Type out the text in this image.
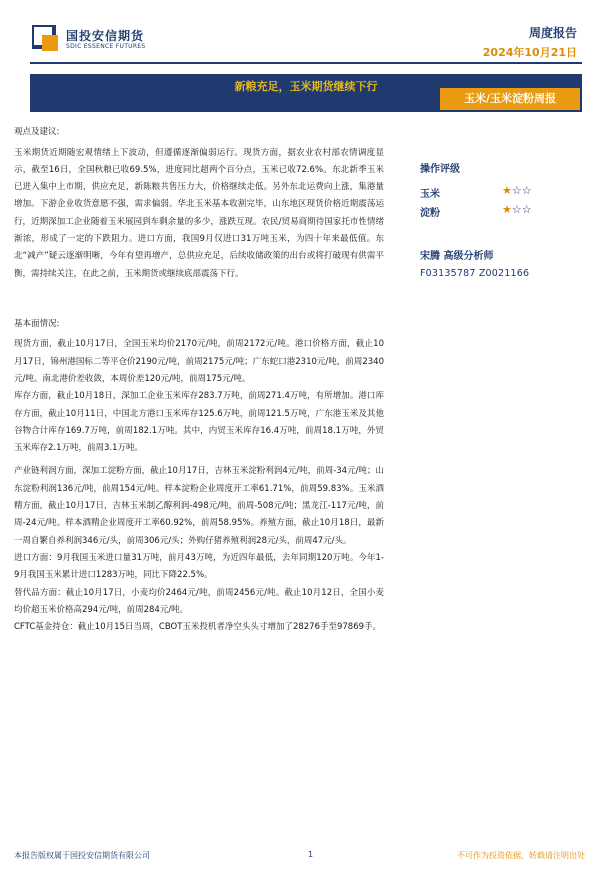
国投安信期货
SDIC ESSENCE FUTURES
周度报告
2024年10月21日
新粮充足，玉米期货继续下行
玉米/玉米淀粉周报
观点及建议:
玉米期货近期随宏观情绪上下波动，但遵循逐渐偏弱运行。现货方面，据农业农村部农情调度显示，截至16日，全国秋粮已收69.5%，进度同比超两个百分点，玉米已收72.6%。东北新季玉米已进入集中上市期，供应充足，新陈粮共售压力大，价格继续走低。另外东北运费向上涨，集港量增加。下游企业收货意愿不强，需求偏弱。华北玉米基本收割完毕，山东地区现货价格近期震荡运行，近期深加工企业随着玉米展园到车剩余量的多少，涨跌互现。农民/贸易商期待国家托市性情绪渐浓，形成了一定的下跌阻力。进口方面，我国9月仅进口31万吨玉米，为四十年来最低值。东北“减产”疑云逐渐明晰，今年有望再增产，总供应充足，后续收储政策的出台或将打破现有供需平衡，需持续关注，在此之前，玉米期货或继续底部震荡下行。
基本面情况:
现货方面，截止10月17日，全国玉米均价2170元/吨，前周2172元/吨。港口价格方面，截止10月17日，锦州港国标二等平仓价2190元/吨，前周2175元/吨；广东蛇口港2310元/吨，前周2340元/吨。南北港价差收敛，本周价差120元/吨，前周175元/吨。
库存方面，截止10月18日，深加工企业玉米库存283.7万吨，前周271.4万吨，有所增加。港口库存方面，截止10月11日，中国北方港口玉米库存125.6万吨，前周121.5万吨，广东港玉米及其他谷物合计库存169.7万吨，前周182.1万吨。其中，内贸玉米库存16.4万吨，前周18.1万吨，外贸玉米库存2.1万吨，前周3.1万吨。
产业链利润方面，深加工淀粉方面，截止10月17日，吉林玉米淀粉利润4元/吨，前周-34元/吨；山东淀粉利润136元/吨，前周154元/吨。样本淀粉企业周度开工率61.71%，前周59.83%。玉米酒精方面，截止10月17日，吉林玉米制乙醇利润-498元/吨，前周-508元/吨；黑龙江-117元/吨，前周-24元/吨。样本酒精企业周度开工率60.92%，前周58.95%。养殖方面，截止10月18日，最新一周自繁自养利润346元/头，前周306元/头；外购仔猪养殖利润28元/头，前周47元/头。
进口方面：9月我国玉米进口量31万吨，前月43万吨，为近四年最低，去年同期120万吨。今年1-9月我国玉米累计进口1283万吨，同比下降22.5%。
替代品方面：截止10月17日，小麦均价2464元/吨，前周2456元/吨。截止10月12日，全国小麦均价超玉米价格高294元/吨，前周284元/吨。
CFTC基金持仓：截止10月15日当周，CBOT玉米投机者净空头头寸增加了28276手至97869手。
操作评级
玉米	★☆☆
淀粉	★☆☆
宋腾 高级分析师
F03135787 Z0021166
本报告版权属于国投安信期货有限公司	1	不可作为投资依据，转载请注明出处
